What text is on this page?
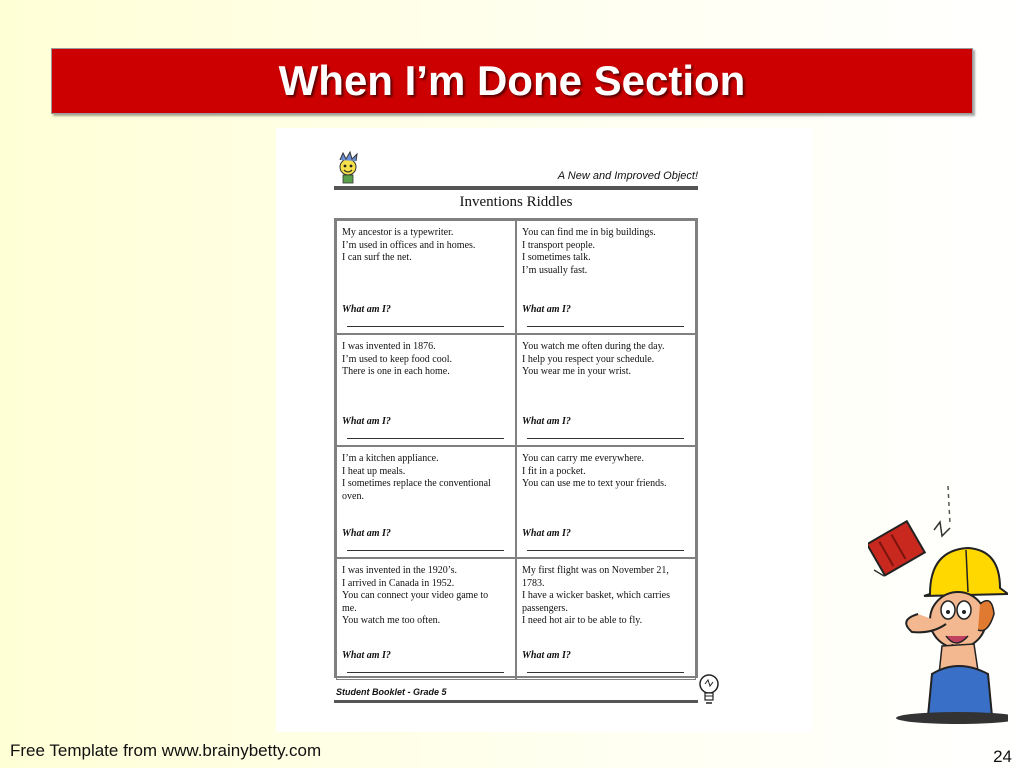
When I’m Done Section
A New and Improved Object!
Inventions Riddles
My ancestor is a typewriter.
I’m used in offices and in homes.
I can surf the net.
What am I?
You can find me in big buildings.
I transport people.
I sometimes talk.
I’m usually fast.
What am I?
I was invented in 1876.
I’m used to keep food cool.
There is one in each home.
What am I?
You watch me often during the day.
I help you respect your schedule.
You wear me in your wrist.
What am I?
I’m a kitchen appliance.
I heat up meals.
I sometimes replace the conventional
oven.
What am I?
You can carry me everywhere.
I fit in a pocket.
You can use me to text your friends.
What am I?
I was invented in the 1920’s.
I arrived in Canada in 1952.
You can connect your video game to
me.
You watch me too often.
What am I?
My first flight was on November 21,
1783.
I have a wicker basket, which carries
passengers.
I need hot air to be able to fly.
What am I?
Student Booklet - Grade 5
Free Template from www.brainybetty.com	24
